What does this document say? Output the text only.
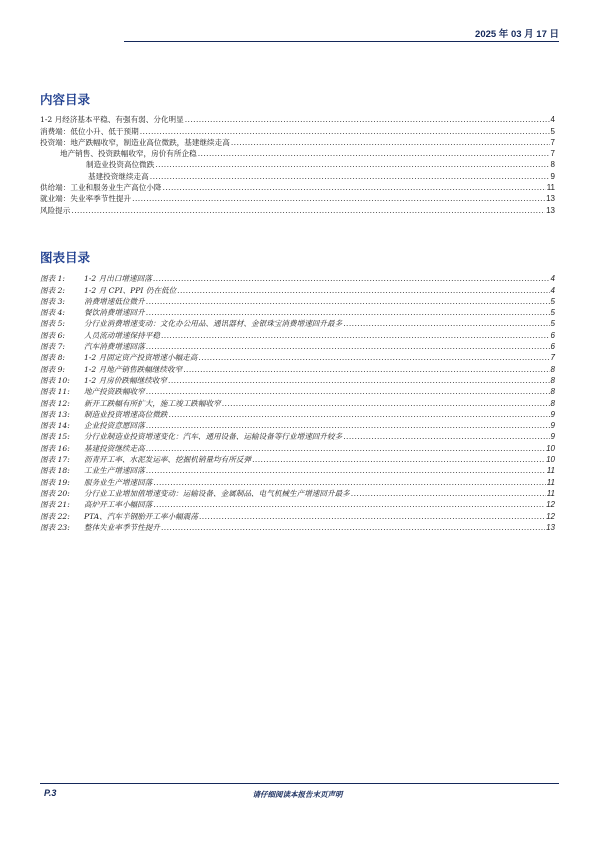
2025 年 03 月 17 日
内容目录
1-2 月经济基本平稳、有强有弱、分化明显 .....	4
消费端：低位小升、低于预期 .....	5
投资端：地产跌幅收窄，制造业高位微跌，基建继续走高 .....	7
地产销售、投资跌幅收窄，房价有所企稳 .....	7
制造业投资高位微跌 .....	8
基建投资继续走高 .....	9
供给端：工业和服务业生产高位小降 .....	11
就业端：失业率季节性提升 .....	13
风险提示 .....	13
图表目录
图表 1:	1-2 月出口增速回落 .....	4
图表 2:	1-2 月 CPI、PPI 仍在低位 .....	4
图表 3:	消费增速低位微升 .....	5
图表 4:	餐饮消费增速回升 .....	5
图表 5:	分行业消费增速变动：文化办公用品、通讯器材、金银珠宝消费增速回升最多 .....	5
图表 6:	人员流动增速保持平稳 .....	6
图表 7:	汽车消费增速回落 .....	6
图表 8:	1-2 月固定资产投资增速小幅走高 .....	7
图表 9:	1-2 月地产销售跌幅继续收窄 .....	8
图表 10: 1-2 月房价跌幅继续收窄 .....	8
图表 11: 地产投资跌幅收窄 .....	8
图表 12: 新开工跌幅有所扩大，施工竣工跌幅收窄 .....	8
图表 13: 制造业投资增速高位微跌 .....	9
图表 14: 企业投资意愿回落 .....	9
图表 15: 分行业制造业投资增速变化：汽车、通用设备、运输设备等行业增速回升较多 .....	9
图表 16: 基建投资继续走高 .....	10
图表 17: 沥青开工率、水泥发运率、挖掘机销量均有所反弹 .....	10
图表 18: 工业生产增速回落 .....	11
图表 19: 服务业生产增速回落 .....	11
图表 20: 分行业工业增加值增速变动：运输设备、金属制品、电气机械生产增速回升最多 .....	11
图表 21: 高炉开工率小幅回落 .....	12
图表 22: PTA、汽车半钢胎开工率小幅震荡 .....	12
图表 23: 整体失业率季节性提升 .....	13
P.3	请仔细阅读本报告末页声明
